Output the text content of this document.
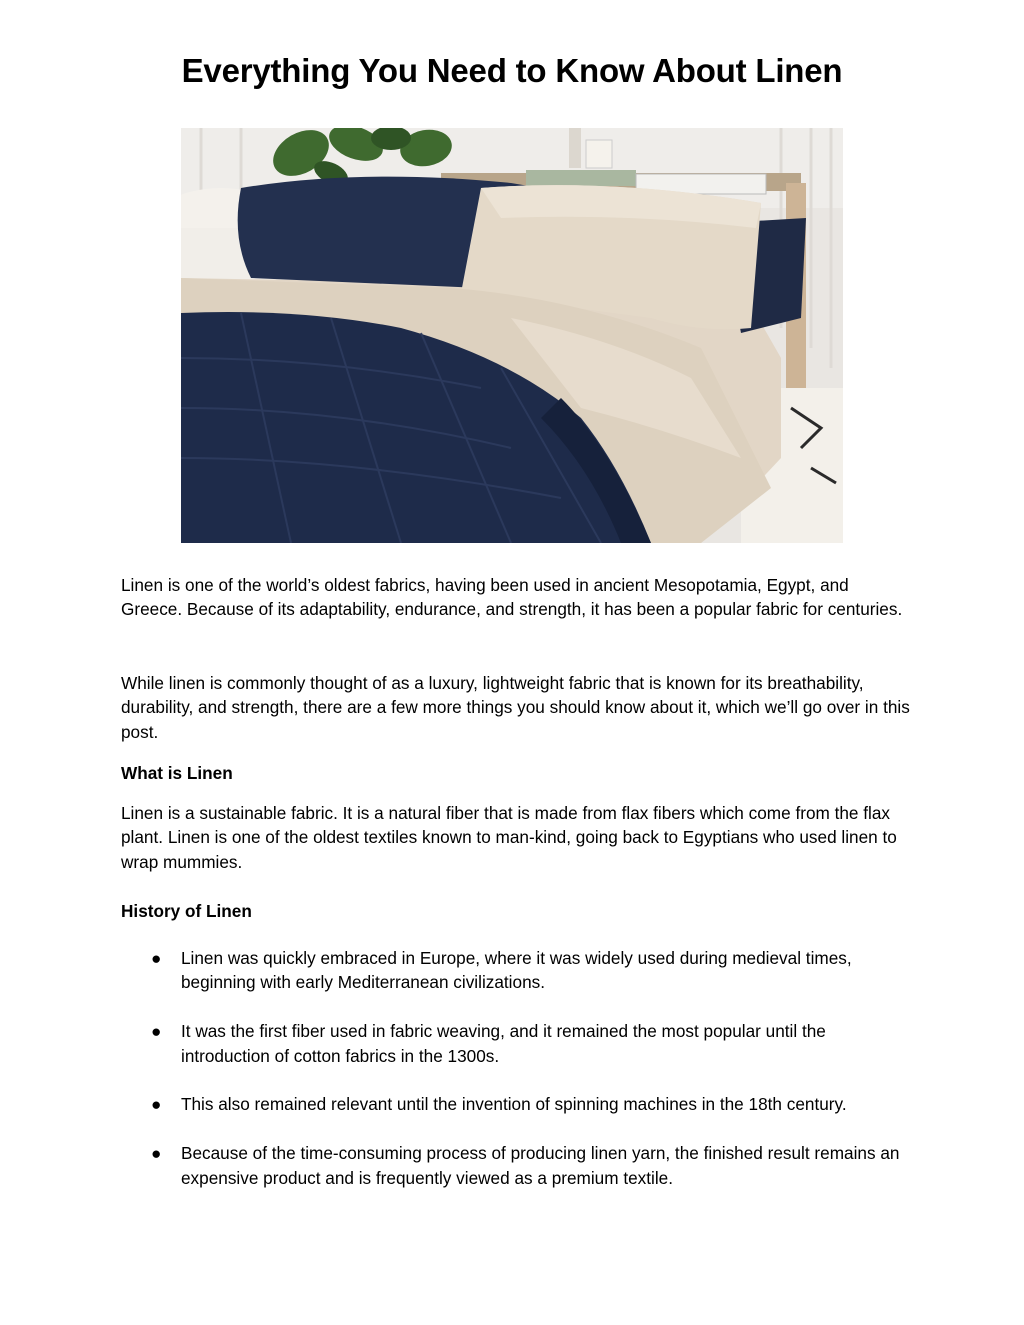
Everything You Need to Know About Linen

Linen is one of the world’s oldest fabrics, having been used in ancient Mesopotamia, Egypt, and Greece. Because of its adaptability, endurance, and strength, it has been a popular fabric for centuries.

While linen is commonly thought of as a luxury, lightweight fabric that is known for its breathability, durability, and strength, there are a few more things you should know about it, which we’ll go over in this post.

What is Linen

Linen is a sustainable fabric. It is a natural fiber that is made from flax fibers which come from the flax plant. Linen is one of the oldest textiles known to man-kind, going back to Egyptians who used linen to wrap mummies.

History of Linen

● Linen was quickly embraced in Europe, where it was widely used during medieval times, beginning with early Mediterranean civilizations.
● It was the first fiber used in fabric weaving, and it remained the most popular until the introduction of cotton fabrics in the 1300s.
● This also remained relevant until the invention of spinning machines in the 18th century.
● Because of the time-consuming process of producing linen yarn, the finished result remains an expensive product and is frequently viewed as a premium textile.
